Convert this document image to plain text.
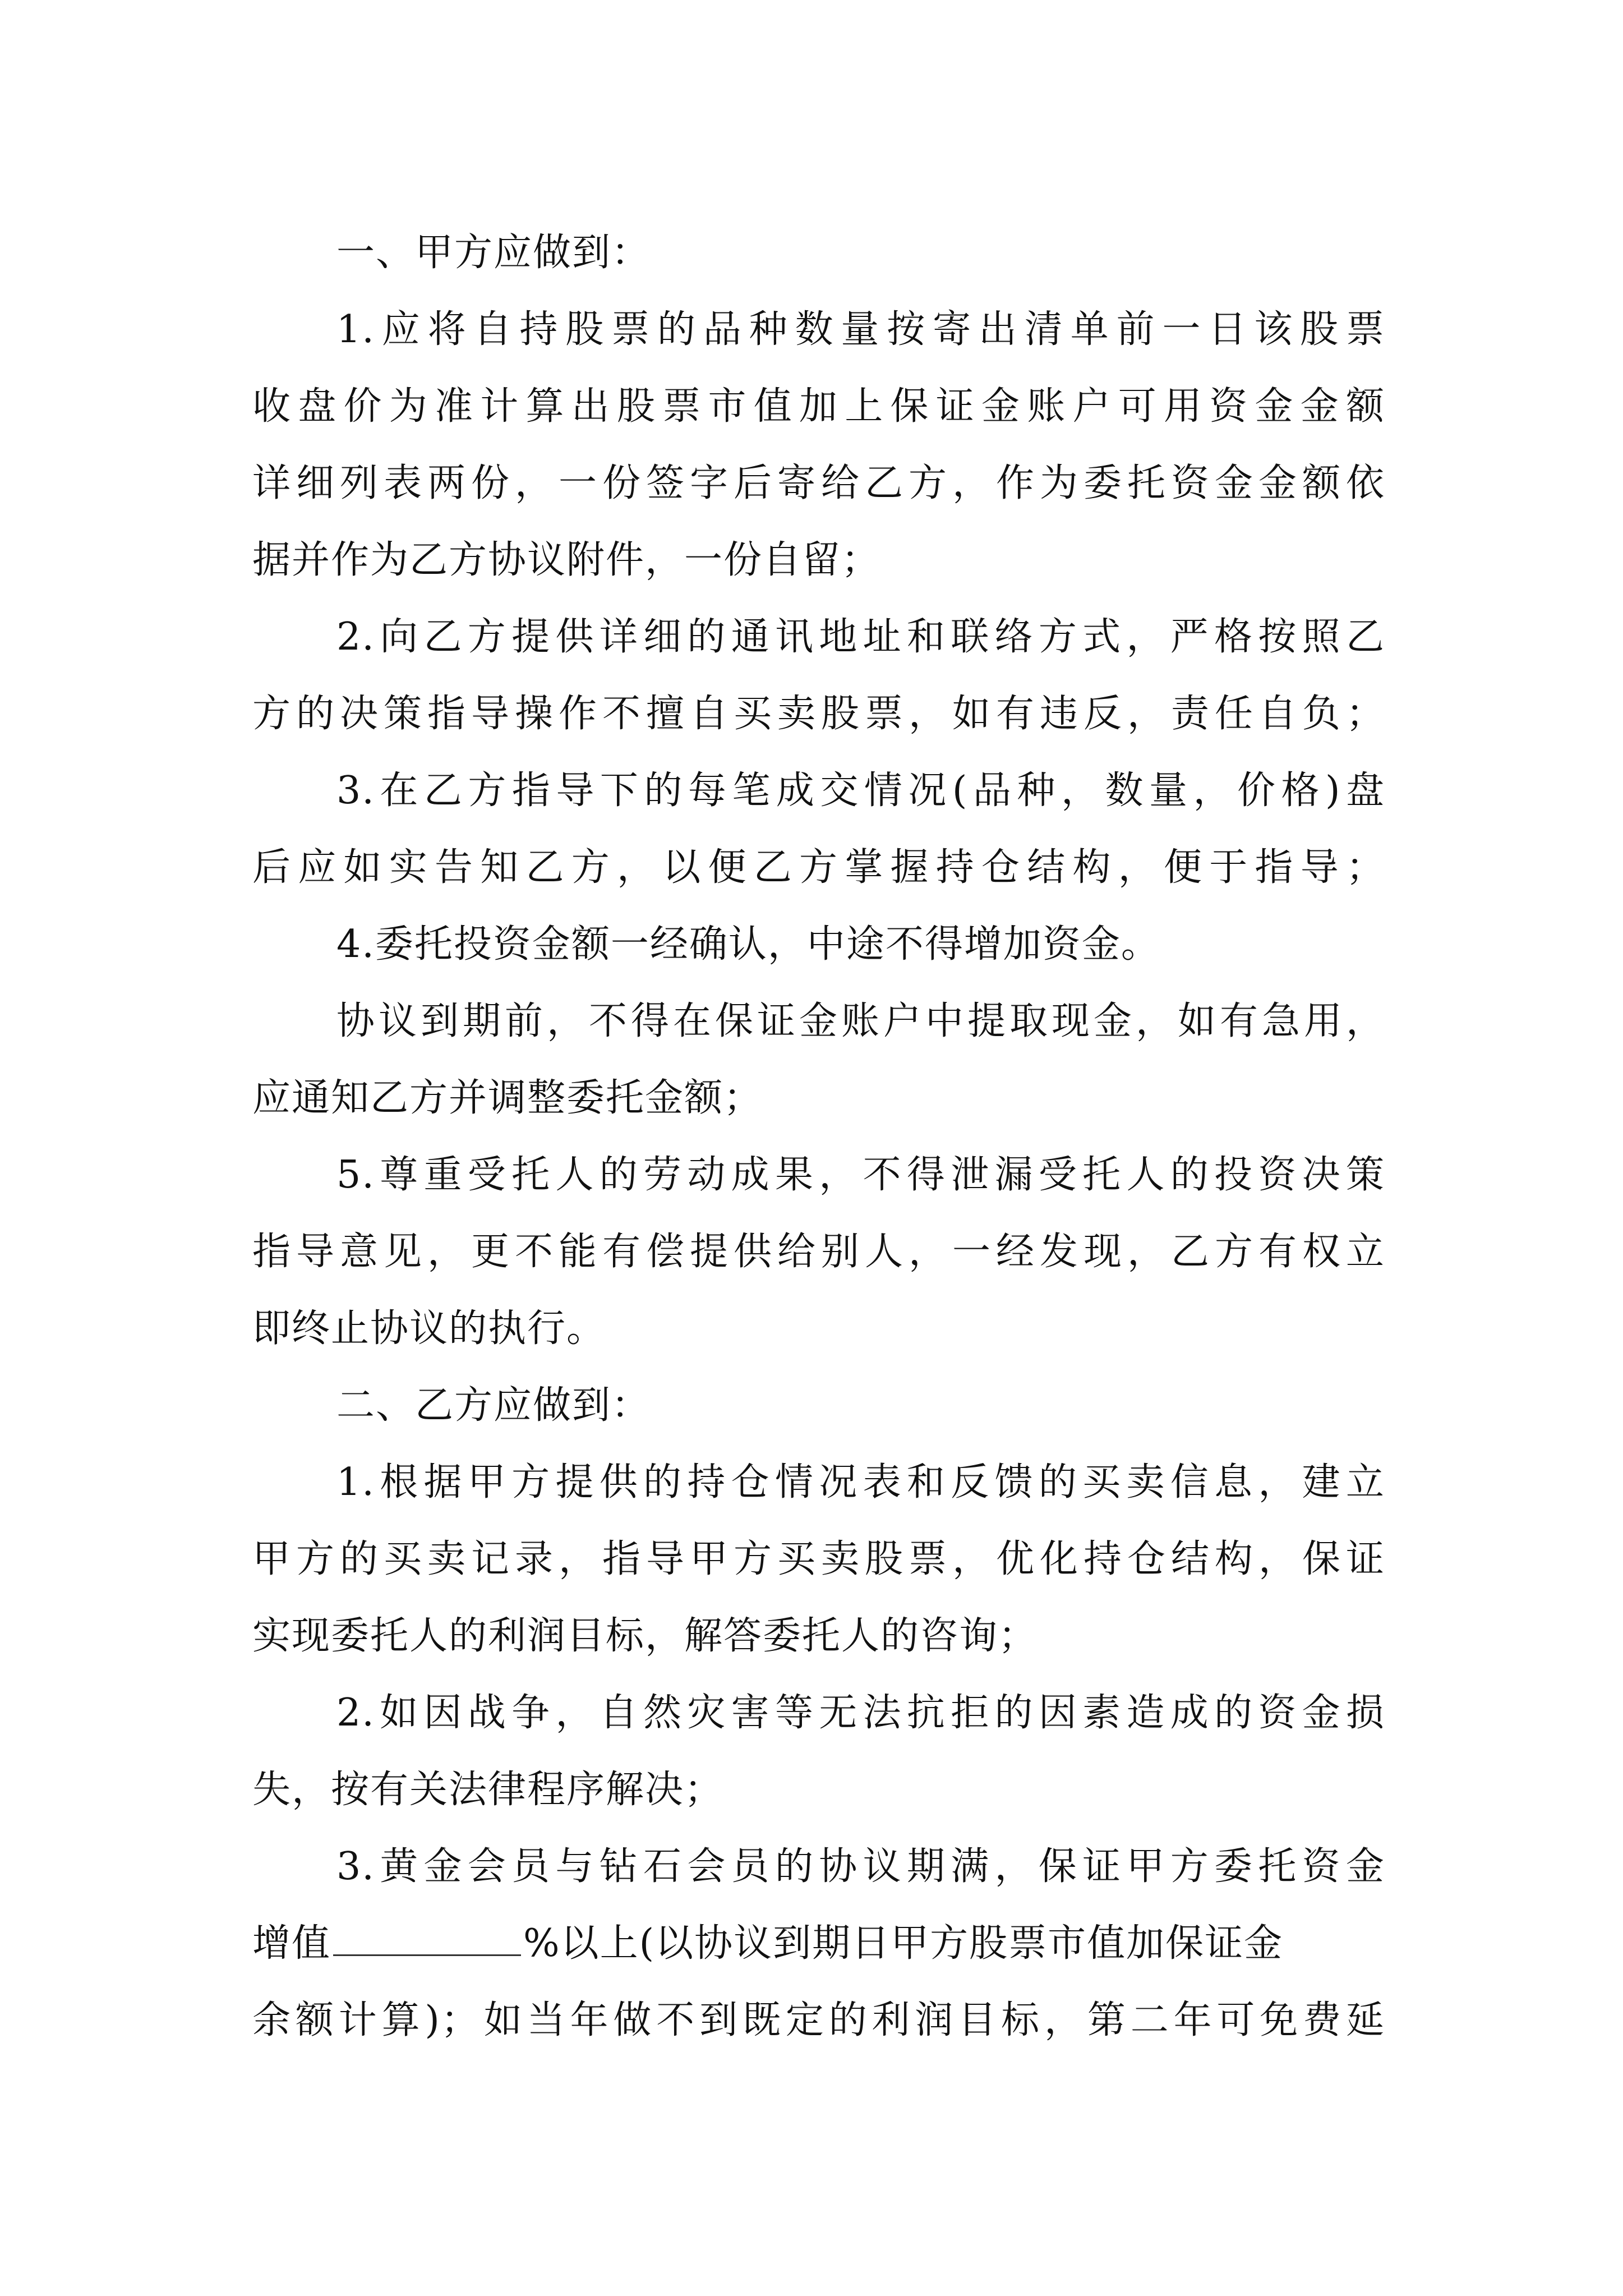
一、甲方应做到：
1.应将自持股票的品种数量按寄出清单前一日该股票
收盘价为准计算出股票市值加上保证金账户可用资金金额
详细列表两份，一份签字后寄给乙方，作为委托资金金额依
据并作为乙方协议附件，一份自留；
2.向乙方提供详细的通讯地址和联络方式，严格按照乙
方的决策指导操作不擅自买卖股票，如有违反，责任自负；
3.在乙方指导下的每笔成交情况(品种，数量，价格)盘
后应如实告知乙方，以便乙方掌握持仓结构，便于指导；
4.委托投资金额一经确认，中途不得增加资金。
协议到期前，不得在保证金账户中提取现金，如有急用，
应通知乙方并调整委托金额；
5.尊重受托人的劳动成果，不得泄漏受托人的投资决策
指导意见，更不能有偿提供给别人，一经发现，乙方有权立
即终止协议的执行。
二、乙方应做到：
1.根据甲方提供的持仓情况表和反馈的买卖信息，建立
甲方的买卖记录，指导甲方买卖股票，优化持仓结构，保证
实现委托人的利润目标，解答委托人的咨询；
2.如因战争，自然灾害等无法抗拒的因素造成的资金损
失，按有关法律程序解决；
3.黄金会员与钻石会员的协议期满，保证甲方委托资金
增值	%以上(以协议到期日甲方股票市值加保证金
余额计算)；如当年做不到既定的利润目标，第二年可免费延
